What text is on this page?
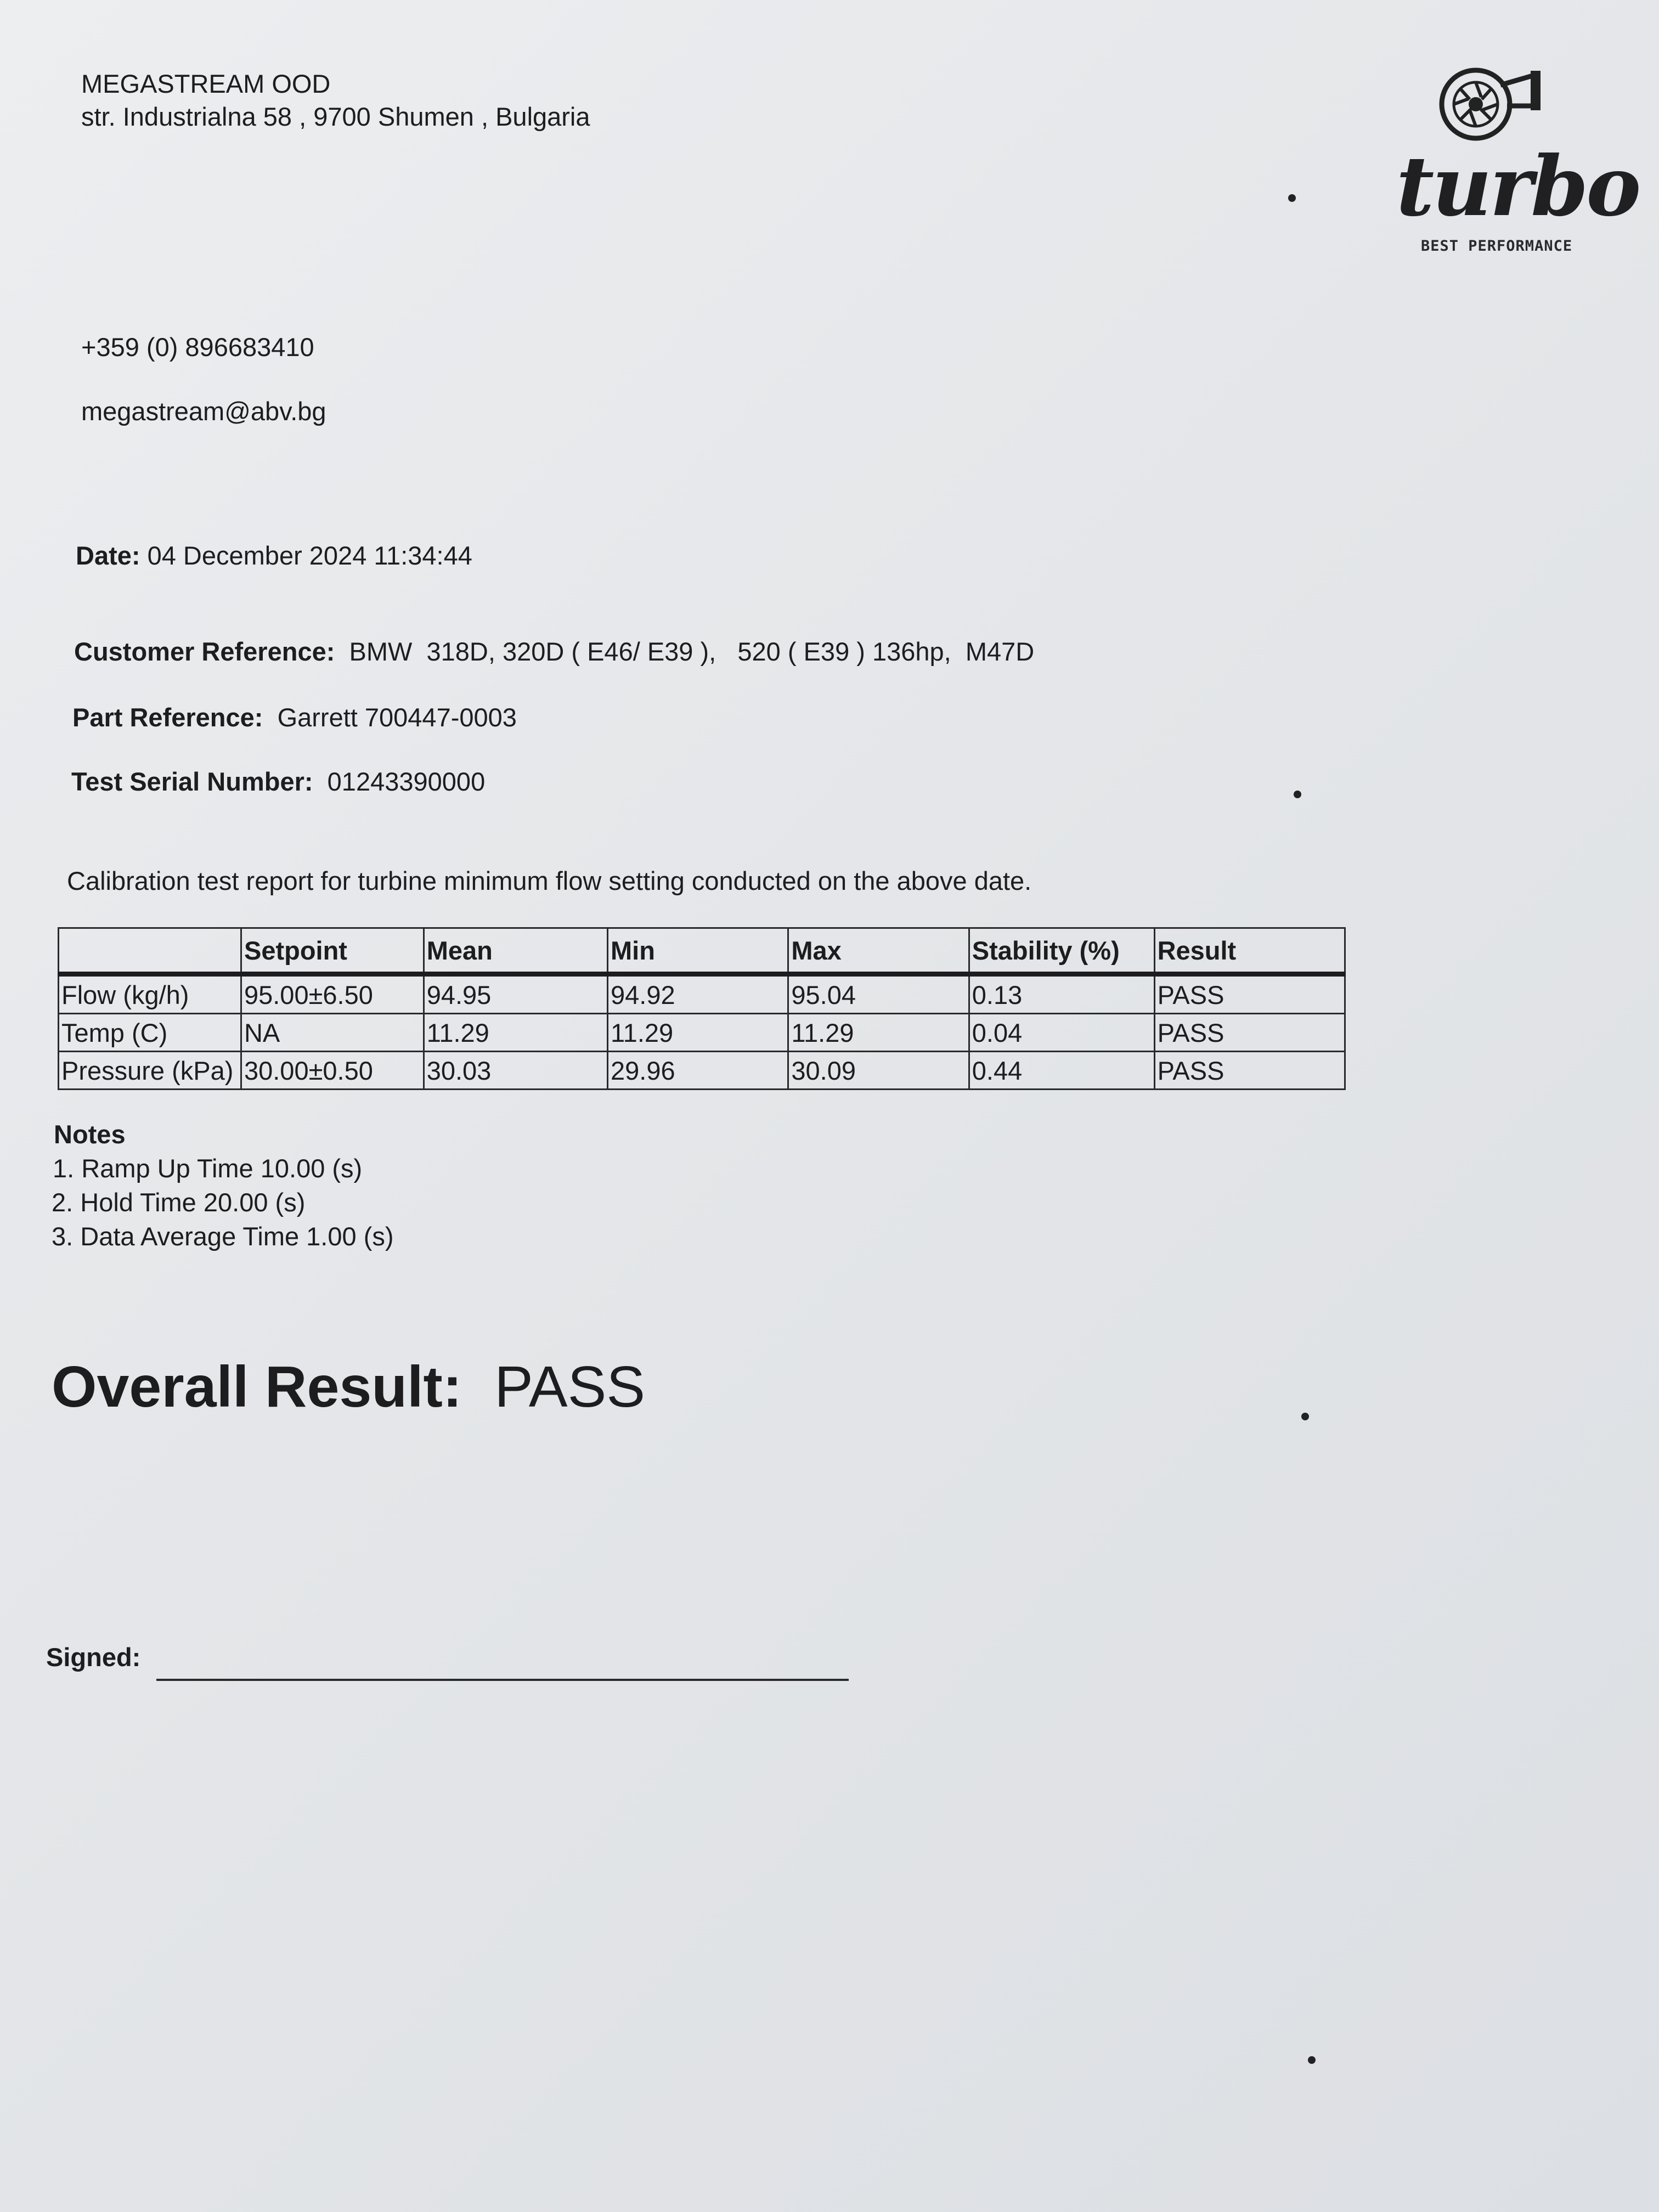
MEGASTREAM OOD
str. Industrialna 58 , 9700 Shumen , Bulgaria
turbo
BEST PERFORMANCE
+359 (0) 896683410
megastream@abv.bg
Date: 04 December 2024 11:34:44
Customer Reference: BMW  318D, 320D ( E46/ E39 ),   520 ( E39 ) 136hp,  M47D
Part Reference: Garrett 700447-0003
Test Serial Number: 01243390000
Calibration test report for turbine minimum flow setting conducted on the above date.
	Setpoint	Mean	Min	Max	Stability (%)	Result
Flow (kg/h)	95.00±6.50	94.95	94.92	95.04	0.13	PASS
Temp (C)	NA	11.29	11.29	11.29	0.04	PASS
Pressure (kPa)	30.00±0.50	30.03	29.96	30.09	0.44	PASS
Notes
1. Ramp Up Time 10.00 (s)
2. Hold Time 20.00 (s)
3. Data Average Time 1.00 (s)
Overall Result: PASS
Signed:
